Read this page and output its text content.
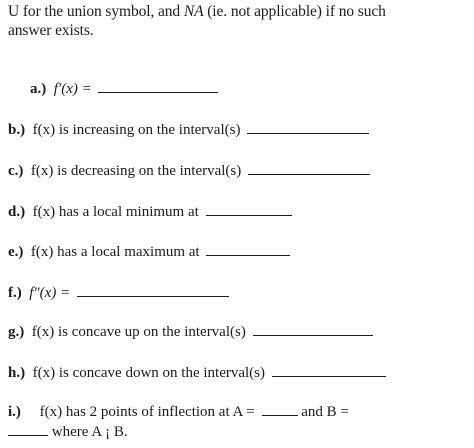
U for the union symbol, and NA (ie. not applicable) if no such
answer exists.
a.) f′(x) =
b.) f(x) is increasing on the interval(s)
c.) f(x) is decreasing on the interval(s)
d.) f(x) has a local minimum at
e.) f(x) has a local maximum at
f.) f″(x) =
g.) f(x) is concave up on the interval(s)
h.) f(x) is concave down on the interval(s)
i.) f(x) has 2 points of inflection at A =	and B =
where A ¡ B.
